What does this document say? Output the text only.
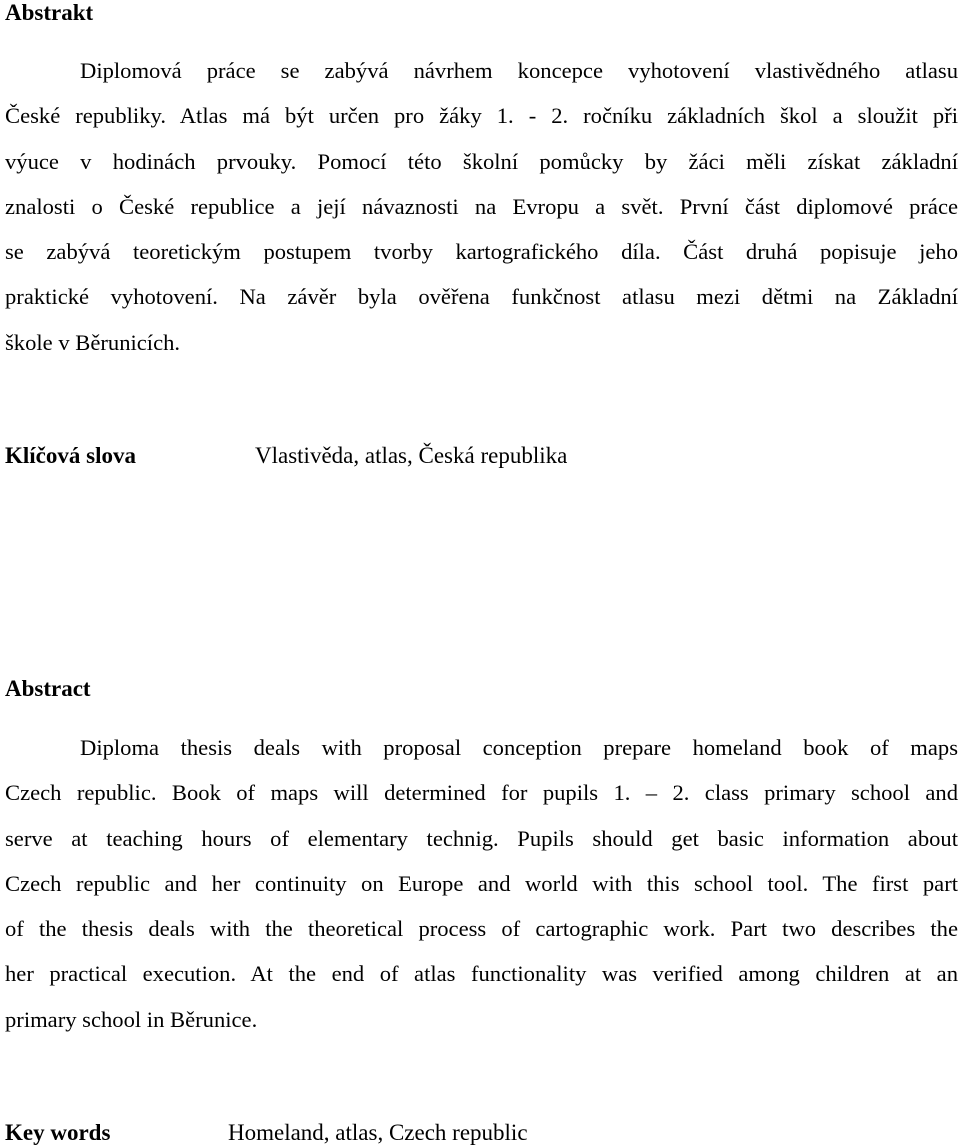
Abstrakt
Diplomová práce se zabývá návrhem koncepce vyhotovení vlastivědného atlasu
České republiky. Atlas má být určen pro žáky 1. - 2. ročníku základních škol a sloužit při
výuce v hodinách prvouky. Pomocí této školní pomůcky by žáci měli získat základní
znalosti o České republice a její návaznosti na Evropu a svět. První část diplomové práce
se zabývá teoretickým postupem tvorby kartografického díla. Část druhá popisuje jeho
praktické vyhotovení. Na závěr byla ověřena funkčnost atlasu mezi dětmi na Základní
škole v Běrunicích.
Klíčová slova	Vlastivěda, atlas, Česká republika
Abstract
Diploma thesis deals with proposal conception prepare homeland book of maps
Czech republic. Book of maps will determined for pupils 1. – 2. class primary school and
serve at teaching hours of elementary technig. Pupils should get basic information about
Czech republic and her continuity on Europe and world with this school tool. The first part
of the thesis deals with the theoretical process of cartographic work. Part two describes the
her practical execution. At the end of atlas functionality was verified among children at an
primary school in Běrunice.
Key words	Homeland, atlas, Czech republic
